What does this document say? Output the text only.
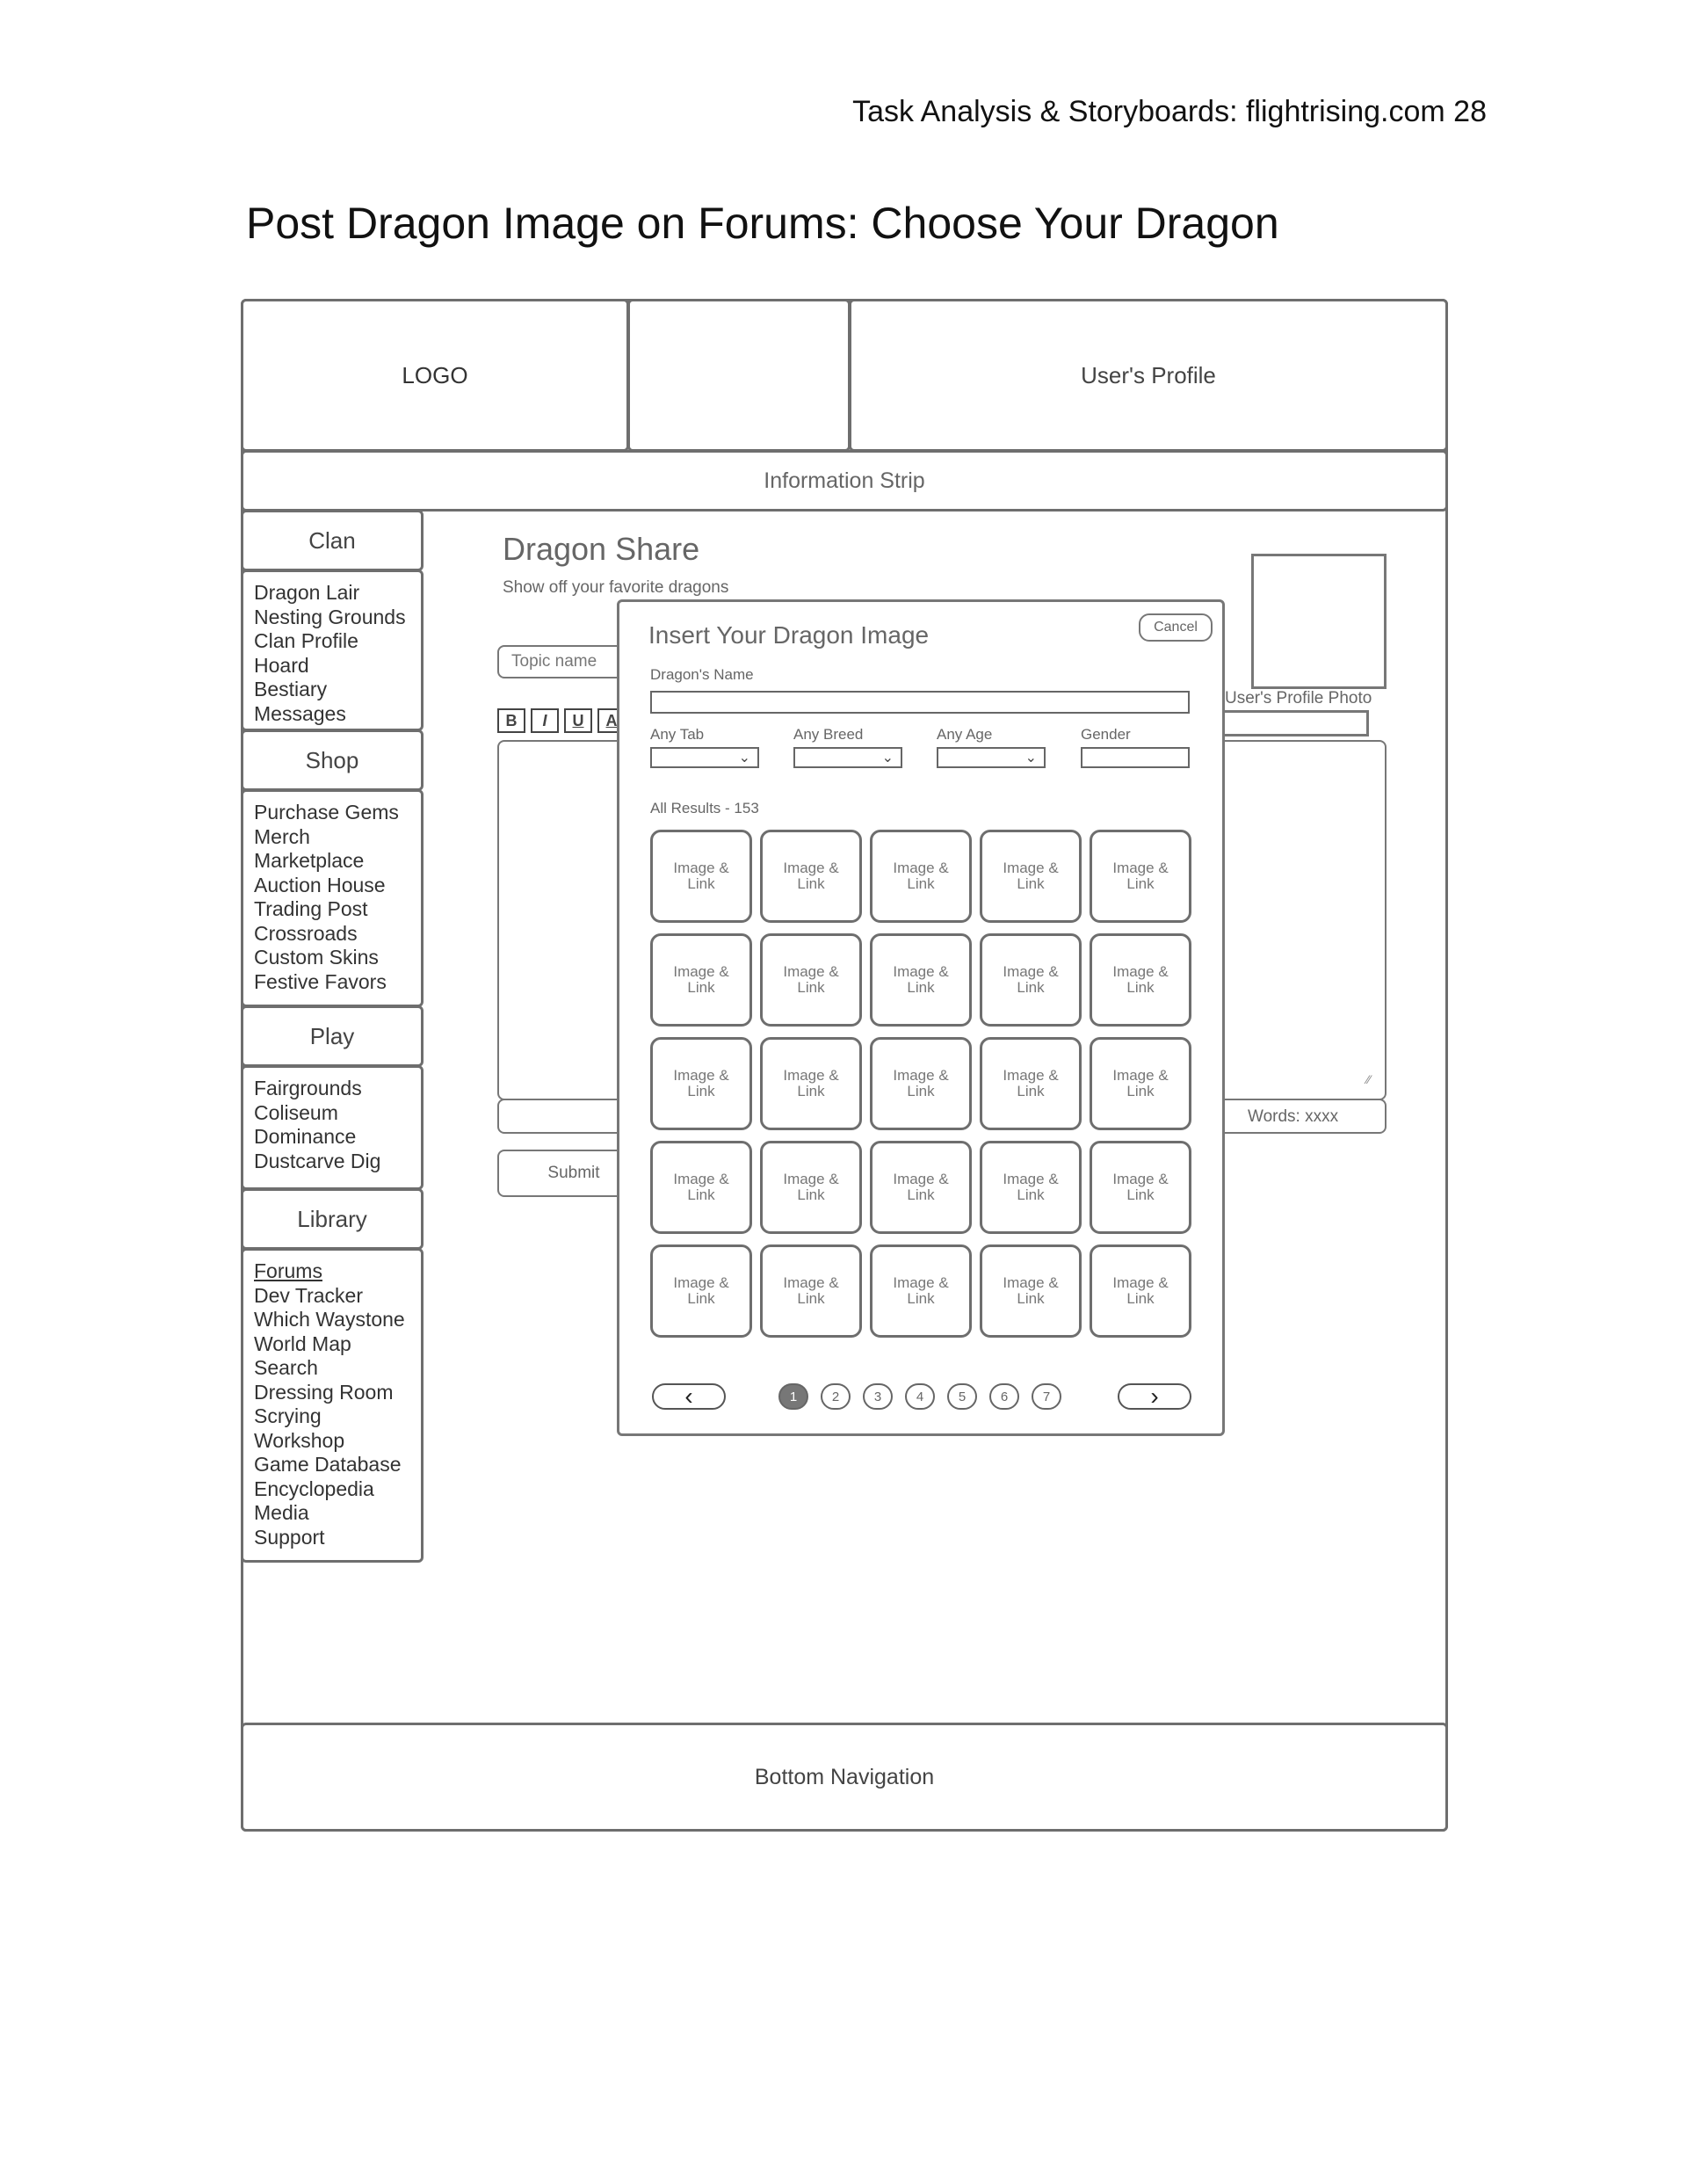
Task Analysis & Storyboards: flightrising.com 28
Post Dragon Image on Forums: Choose Your Dragon
LOGO	User's Profile
Information Strip
Clan
Dragon Lair
Nesting Grounds
Clan Profile
Hoard
Bestiary
Messages
Shop
Purchase Gems
Merch
Marketplace
Auction House
Trading Post
Crossroads
Custom Skins
Festive Favors
Play
Fairgrounds
Coliseum
Dominance
Dustcarve Dig
Library
Forums
Dev Tracker
Which Waystone
World Map
Search
Dressing Room
Scrying
Workshop
Game Database
Encyclopedia
Media
Support
Dragon Share
Show off your favorite dragons
Topic name
B	I	U	A
User's Profile Photo
⁄⁄
Words: xxxx
Submit
Insert Your Dragon Image	Cancel
Dragon's Name
Any Tab	Any Breed	Any Age	Gender
⌄	⌄	⌄
All Results - 153
Image &
Link
Image &
Link
Image &
Link
Image &
Link
Image &
Link
Image &
Link
Image &
Link
Image &
Link
Image &
Link
Image &
Link
Image &
Link
Image &
Link
Image &
Link
Image &
Link
Image &
Link
Image &
Link
Image &
Link
Image &
Link
Image &
Link
Image &
Link
Image &
Link
Image &
Link
Image &
Link
Image &
Link
Image &
Link
‹	1	2	3	4	5	6	7	›
Bottom Navigation
